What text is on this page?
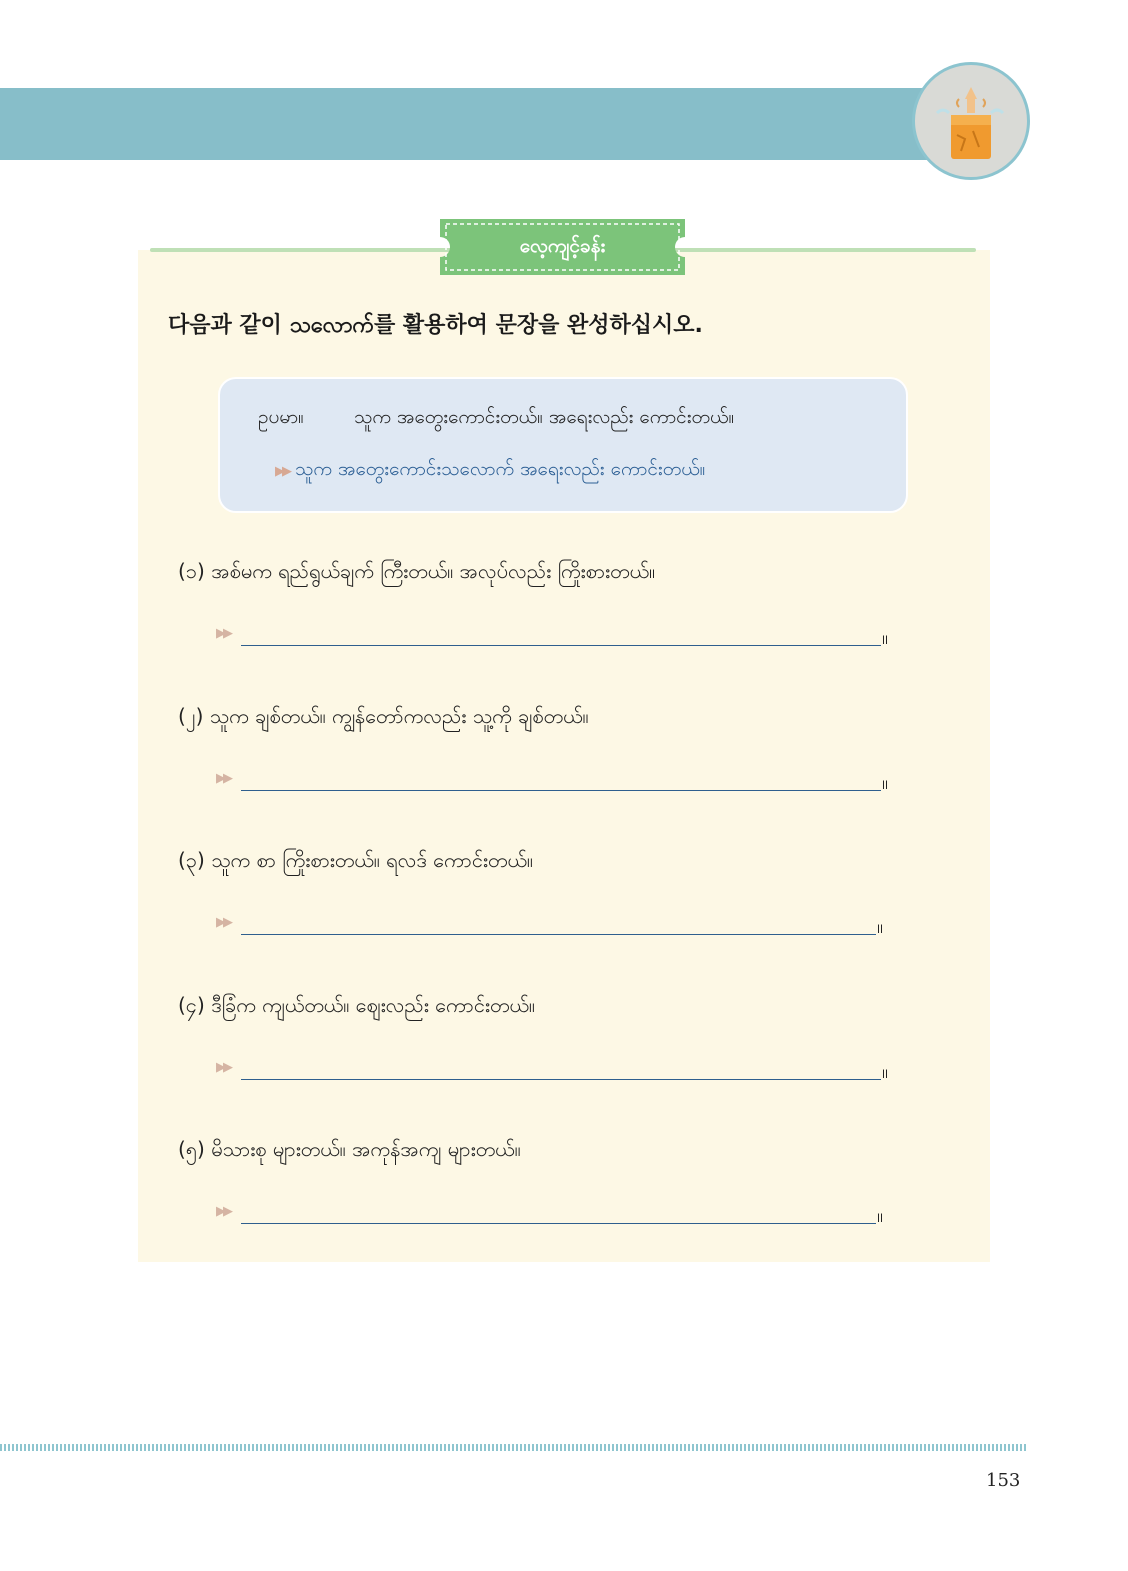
လေ့ကျင့်ခန်း
다음과 같이 သလောက်를 활용하여 문장을 완성하십시오.
ဥပမာ။	သူက အတွေးကောင်းတယ်။ အရေးလည်း ကောင်းတယ်။
▶▶ သူက အတွေးကောင်းသလောက် အရေးလည်း ကောင်းတယ်။
(၁) အစ်မက ရည်ရွယ်ချက် ကြီးတယ်။ အလုပ်လည်း ကြိုးစားတယ်။
▶▶	။
(၂) သူက ချစ်တယ်။ ကျွန်တော်ကလည်း သူ့ကို ချစ်တယ်။
▶▶	။
(၃) သူက စာ ကြိုးစားတယ်။ ရလဒ် ကောင်းတယ်။
▶▶	။
(၄) ဒီခြံက ကျယ်တယ်။ ဈေးလည်း ကောင်းတယ်။
▶▶	။
(၅) မိသားစု များတယ်။ အကုန်အကျ များတယ်။
▶▶	။
153
